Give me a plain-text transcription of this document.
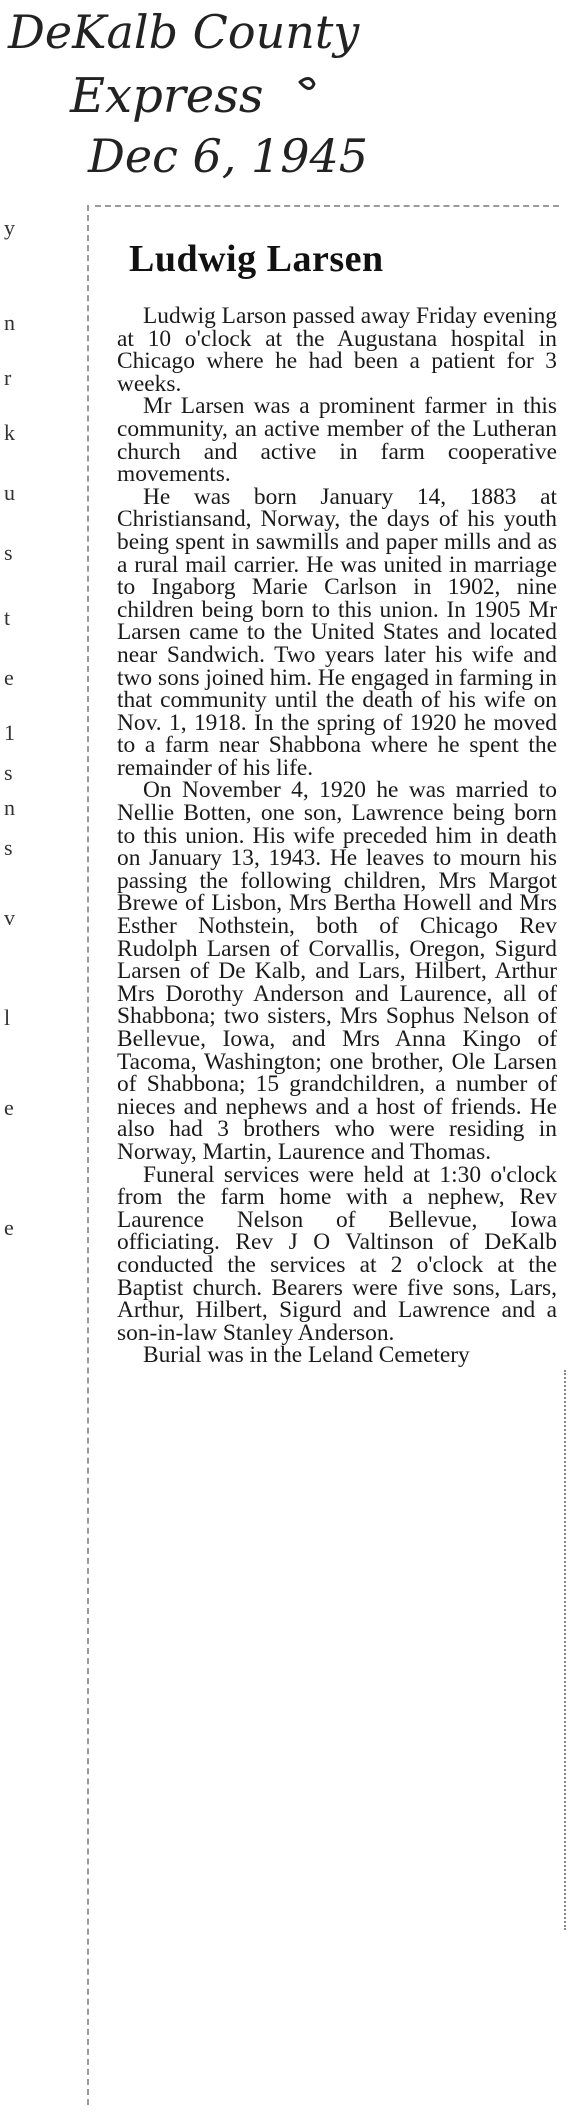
DeKalb County
Express
Dec 6, 1945
y
n
r
k
u
s
t
e
1
s
n
s
v
l
e
e
Ludwig Larsen

Ludwig Larson passed away Friday evening at 10 o'clock at the Augustana hospital in Chicago where he had been a patient for 3 weeks.

Mr Larsen was a prominent farmer in this community, an active member of the Lutheran church and active in farm cooperative movements.

He was born January 14, 1883 at Christiansand, Norway, the days of his youth being spent in sawmills and paper mills and as a rural mail carrier. He was united in marriage to Ingaborg Marie Carlson in 1902, nine children being born to this union. In 1905 Mr Larsen came to the United States and located near Sandwich. Two years later his wife and two sons joined him. He engaged in farming in that community until the death of his wife on Nov. 1, 1918. In the spring of 1920 he moved to a farm near Shabbona where he spent the remainder of his life.

On November 4, 1920 he was married to Nellie Botten, one son, Lawrence being born to this union. His wife preceded him in death on January 13, 1943. He leaves to mourn his passing the following children, Mrs Margot Brewe of Lisbon, Mrs Bertha Howell and Mrs Esther Nothstein, both of Chicago Rev Rudolph Larsen of Corvallis, Oregon, Sigurd Larsen of De Kalb, and Lars, Hilbert, Arthur Mrs Dorothy Anderson and Laurence, all of Shabbona; two sisters, Mrs Sophus Nelson of Bellevue, Iowa, and Mrs Anna Kingo of Tacoma, Washington; one brother, Ole Larsen of Shabbona; 15 grandchildren, a number of nieces and nephews and a host of friends. He also had 3 brothers who were residing in Norway, Martin, Laurence and Thomas.

Funeral services were held at 1:30 o'clock from the farm home with a nephew, Rev Laurence Nelson of Bellevue, Iowa officiating. Rev J O Valtinson of DeKalb conducted the services at 2 o'clock at the Baptist church. Bearers were five sons, Lars, Arthur, Hilbert, Sigurd and Lawrence and a son-in-law Stanley Anderson.

Burial was in the Leland Cemetery
